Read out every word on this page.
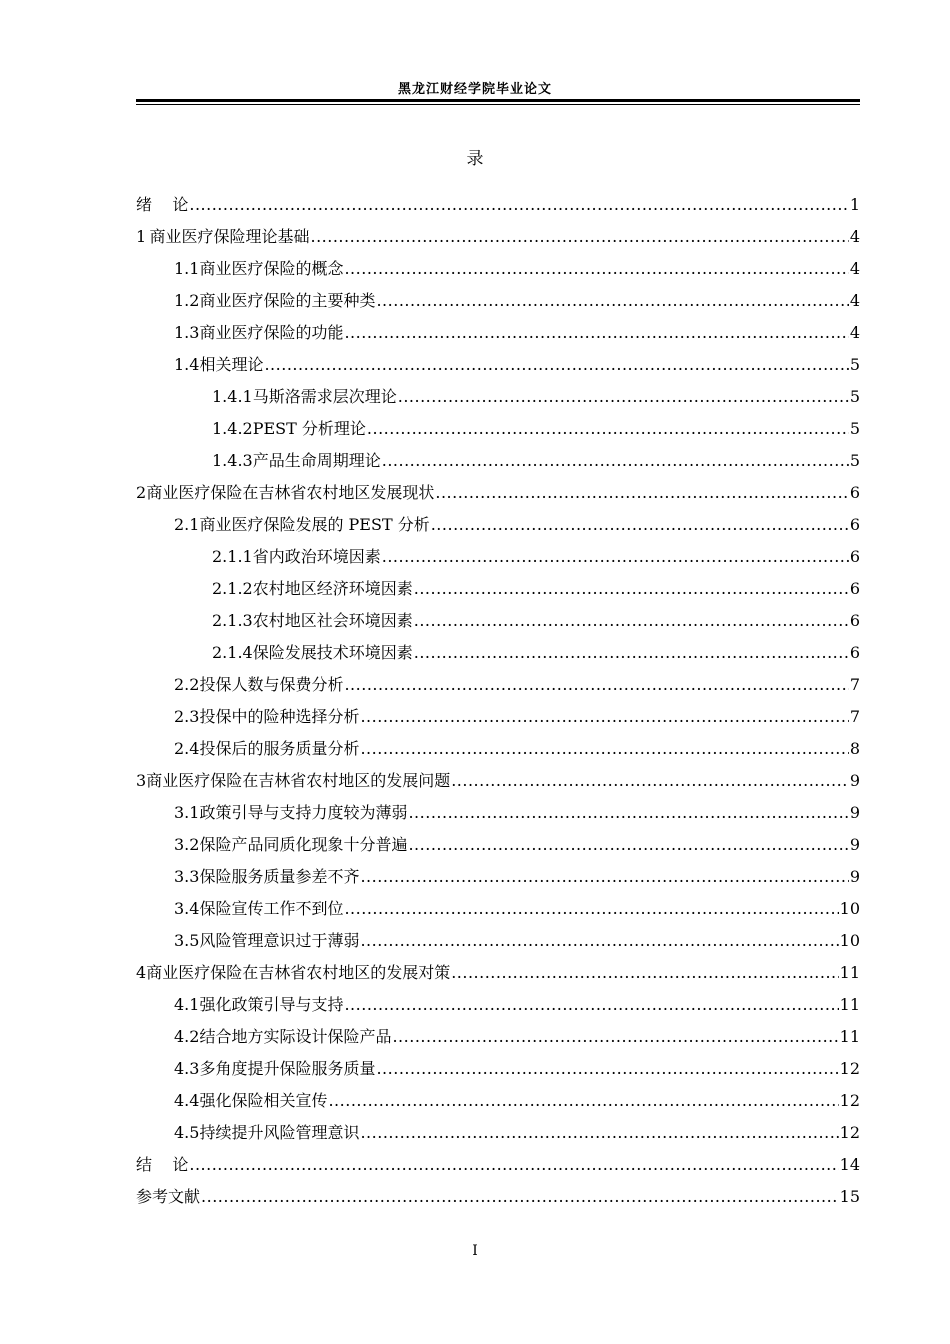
黑龙江财经学院毕业论文
录
绪    论 .....	1
1 商业医疗保险理论基础 .....	4
1.1 商业医疗保险的概念 .....	4
1.2 商业医疗保险的主要种类 .....	4
1.3 商业医疗保险的功能 .....	4
1.4 相关理论 .....	5
1.4.1 马斯洛需求层次理论 .....	5
1.4.2 PEST 分析理论 .....	5
1.4.3 产品生命周期理论 .....	5
2 商业医疗保险在吉林省农村地区发展现状 .....	6
2.1 商业医疗保险发展的 PEST 分析 .....	6
2.1.1 省内政治环境因素 .....	6
2.1.2 农村地区经济环境因素 .....	6
2.1.3 农村地区社会环境因素 .....	6
2.1.4 保险发展技术环境因素 .....	6
2.2 投保人数与保费分析 .....	7
2.3 投保中的险种选择分析 .....	7
2.4 投保后的服务质量分析 .....	8
3 商业医疗保险在吉林省农村地区的发展问题 .....	9
3.1 政策引导与支持力度较为薄弱 .....	9
3.2 保险产品同质化现象十分普遍 .....	9
3.3 保险服务质量参差不齐 .....	9
3.4 保险宣传工作不到位 .....	10
3.5 风险管理意识过于薄弱 .....	10
4 商业医疗保险在吉林省农村地区的发展对策 .....	11
4.1 强化政策引导与支持 .....	11
4.2 结合地方实际设计保险产品 .....	11
4.3 多角度提升保险服务质量 .....	12
4.4 强化保险相关宣传 .....	12
4.5 持续提升风险管理意识 .....	12
结    论 .....	14
参考文献 .....	15
I
